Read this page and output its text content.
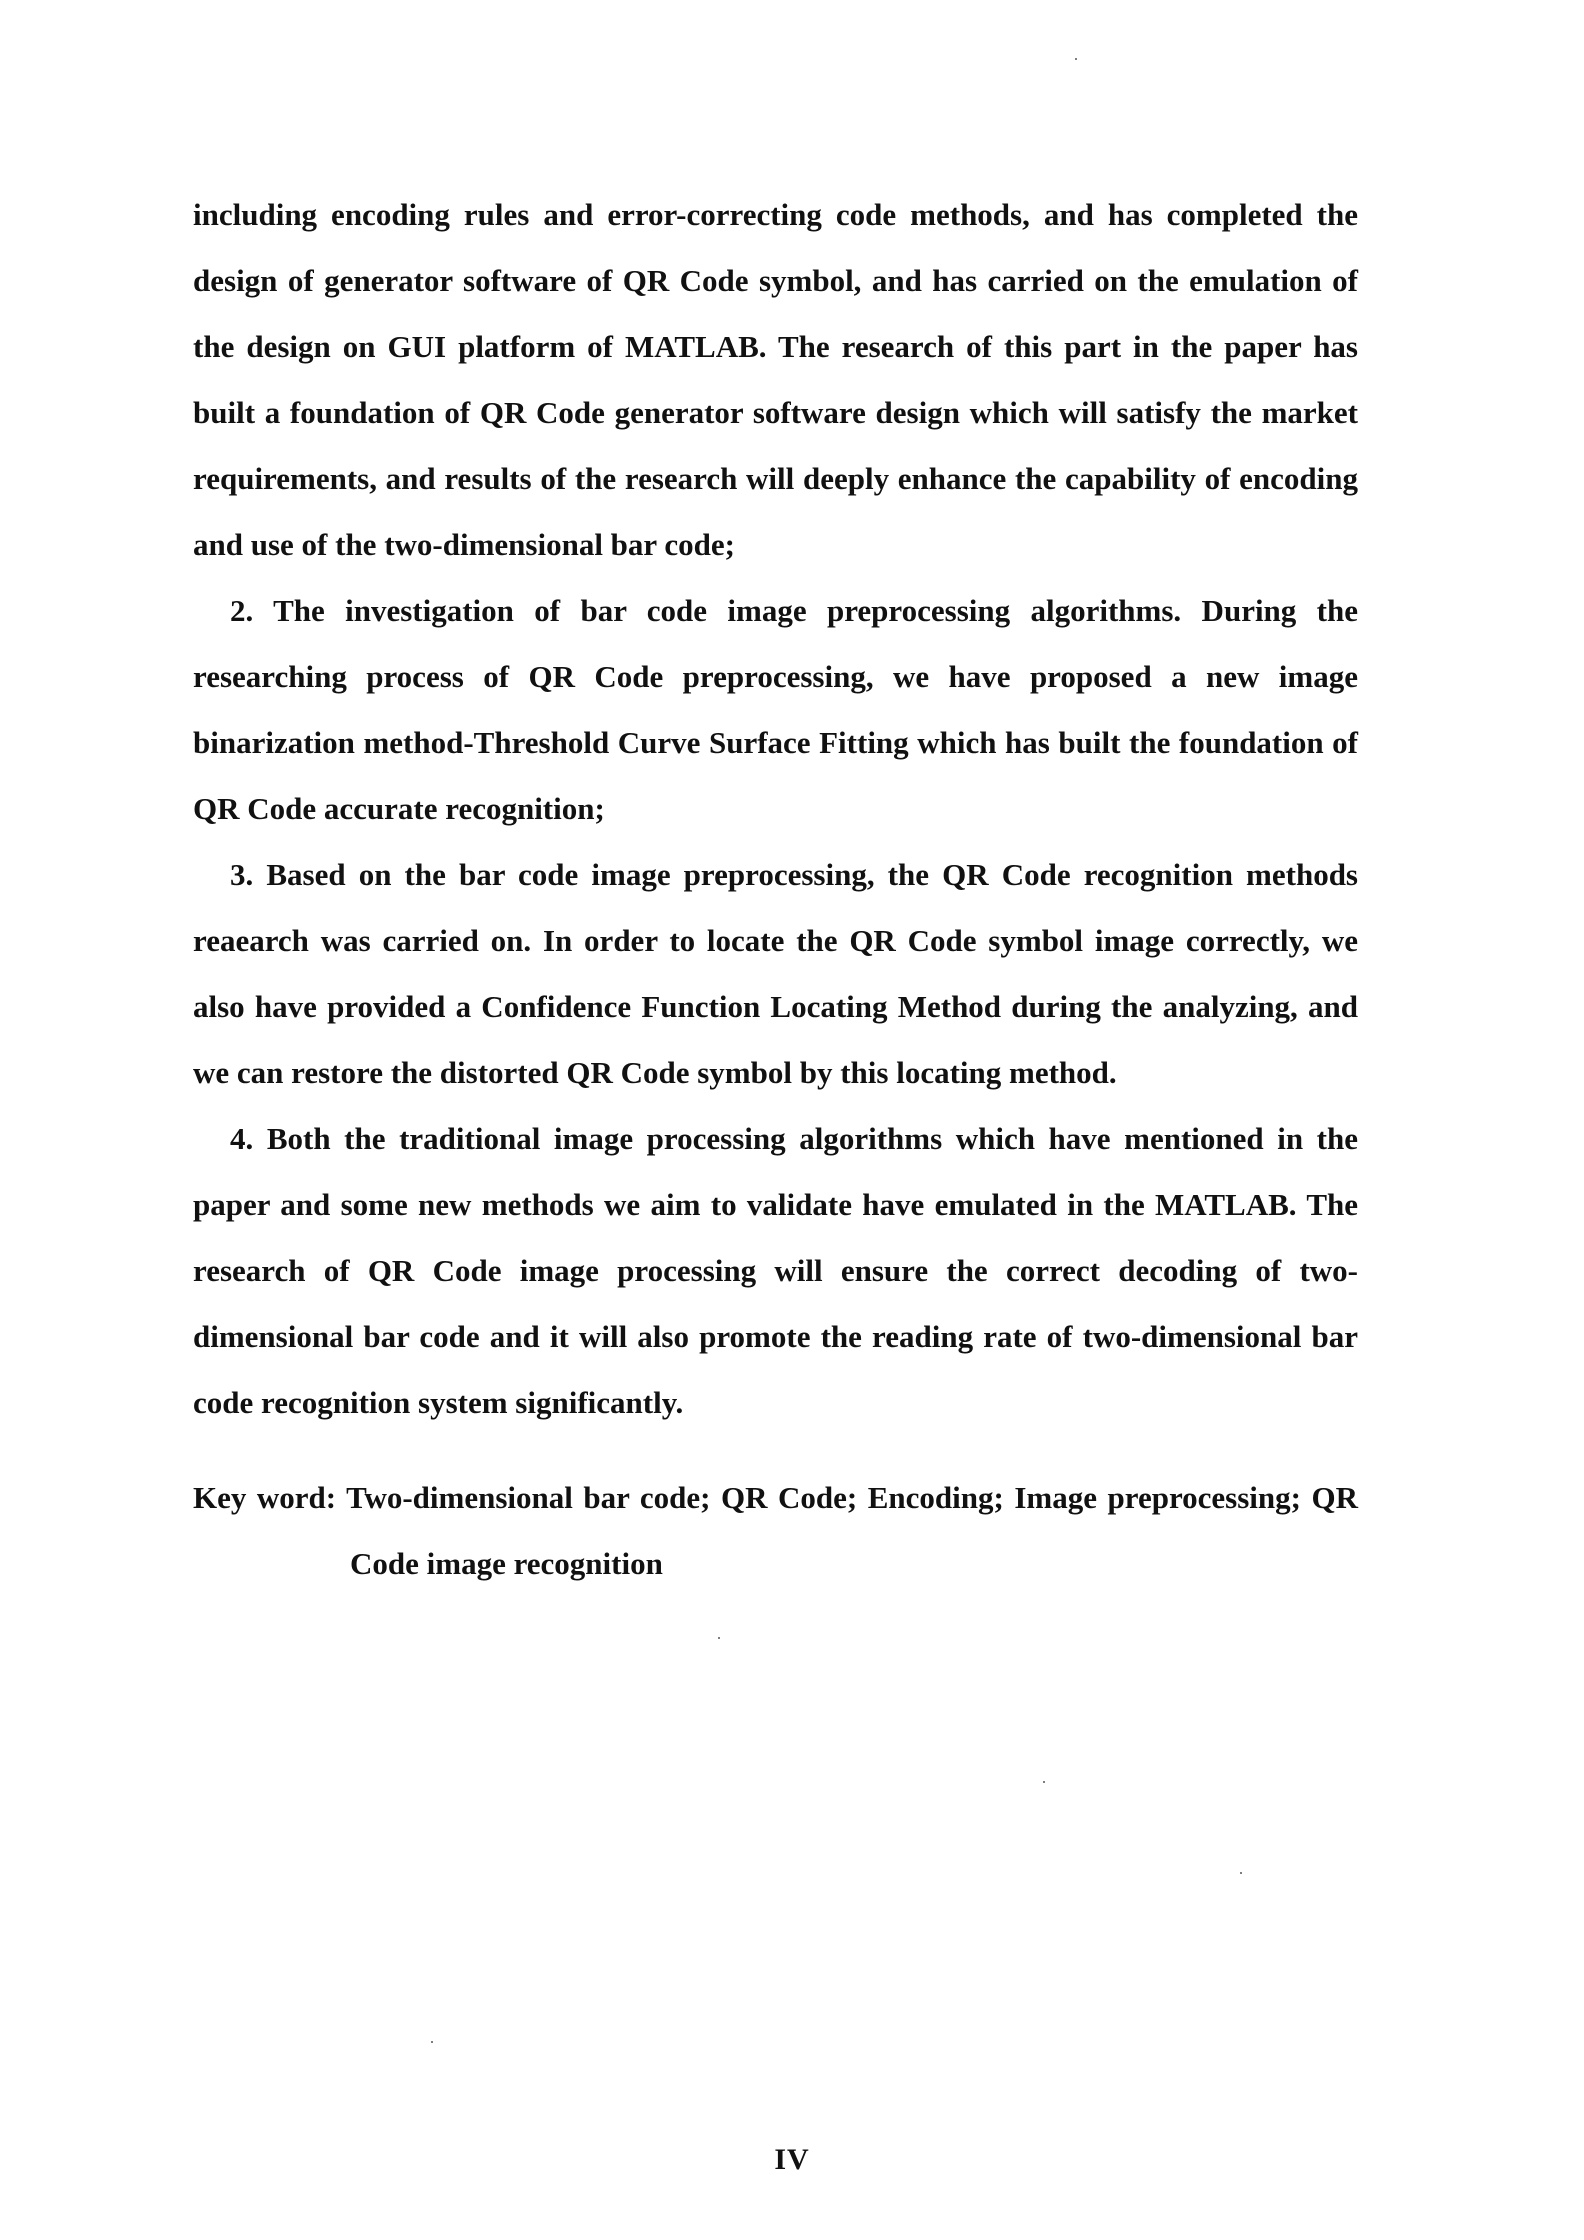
including encoding rules and error-correcting code methods, and has completed the design of generator software of QR Code symbol, and has carried on the emulation of the design on GUI platform of MATLAB. The research of this part in the paper has built a foundation of QR Code generator software design which will satisfy the market requirements, and results of the research will deeply enhance the capability of encoding and use of the two-dimensional bar code;

2. The investigation of bar code image preprocessing algorithms. During the researching process of QR Code preprocessing, we have proposed a new image binarization method-Threshold Curve Surface Fitting which has built the foundation of QR Code accurate recognition;

3. Based on the bar code image preprocessing, the QR Code recognition methods reaearch was carried on. In order to locate the QR Code symbol image correctly, we also have provided a Confidence Function Locating Method during the analyzing, and we can restore the distorted QR Code symbol by this locating method.

4. Both the traditional image processing algorithms which have mentioned in the paper and some new methods we aim to validate have emulated in the MATLAB. The research of QR Code image processing will ensure the correct decoding of two-dimensional bar code and it will also promote the reading rate of two-dimensional bar code recognition system significantly.

Key word: Two-dimensional bar code; QR Code; Encoding; Image preprocessing; QR Code image recognition
IV
